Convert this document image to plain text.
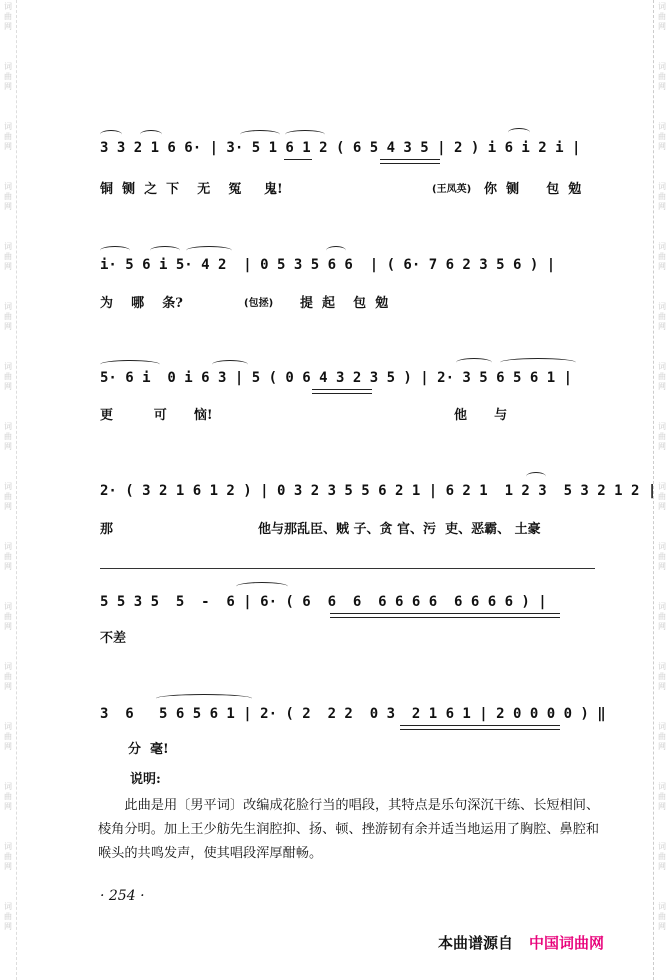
词
曲
网
词
曲
网
词
曲
网
词
曲
网
词
曲
网
词
曲
网
词
曲
网
词
曲
网
词
曲
网
词
曲
网
词
曲
网
词
曲
网
词
曲
网
词
曲
网
词
曲
网
词
曲
网
词
曲
网
词
曲
网
词
曲
网
词
曲
网
词
曲
网
词
曲
网
词
曲
网
词
曲
网
词
曲
网
词
曲
网
词
曲
网
词
曲
网
词
曲
网
词
曲
网
词
曲
网
词
曲
网
3 3 2 1 6 6· | 3· 5 1 6 1 2 ( 6 5 4 3 5 | 2 ) i 6 i 2 i |
铜  铡  之  下    无    冤     鬼!	(王凤英) 你  铡      包  勉
i· 5 6 i 5· 4 2  | 0 5 3 5 6 6  | ( 6· 7 6 2 3 5 6 ) |
为    哪    条?	(包拯) 提  起    包  勉
5· 6 i  0 i 6 3 | 5 ( 0 6 4 3 2 3 5 ) | 2· 3 5 6 5 6 1 |
更         可      恼!	他      与
2· ( 3 2 1 6 1 2 ) | 0 3 2 3 5 5 6 2 1 | 6 2 1  1 2 3  5 3 2 1 2 |
那	他与那乱臣、贼 子、贪 官、污  吏、恶霸、 土豪
5 5 3 5  5  -  6 | 6· ( 6  6  6  6 6 6 6  6 6 6 6 ) |
不差
3  6   5 6 5 6 1 | 2· ( 2  2 2  0 3  2 1 6 1 | 2 0 0 0 0 ) ‖
分  毫!
说明:
此曲是用〔男平词〕改编成花脸行当的唱段，其特点是乐句深沉干练、长短相间、棱角分明。加上王少舫先生润腔抑、扬、顿、挫游韧有余并适当地运用了胸腔、鼻腔和喉头的共鸣发声，使其唱段浑厚酣畅。
· 254 ·
本曲谱源自 中国词曲网
